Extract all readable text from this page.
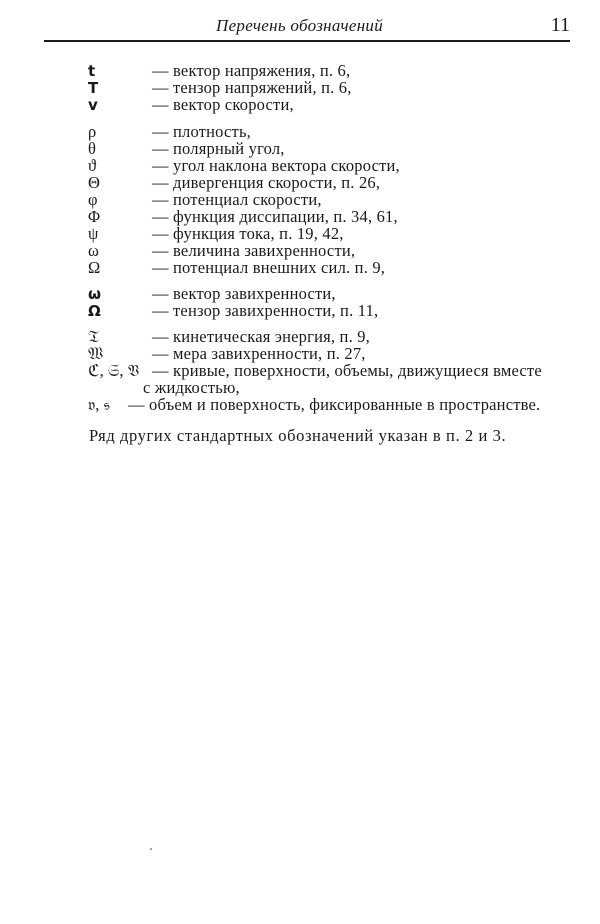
Перечень обозначений	11
t	— вектор напряжения, п. 6,
T	— тензор напряжений, п. 6,
v	— вектор скорости,
ρ	— плотность,
θ	— полярный угол,
ϑ	— угол наклона вектора скорости,
Θ	— дивергенция скорости, п. 26,
φ	— потенциал скорости,
Φ	— функция диссипации, п. 34, 61,
ψ	— функция тока, п. 19, 42,
ω	— величина завихренности,
Ω	— потенциал внешних сил. п. 9,
ω	— вектор завихренности,
Ω	— тензор завихренности, п. 11,
𝔗	— кинетическая энергия, п. 9,
𝔚	— мера завихренности, п. 27,
ℭ, 𝔖, 𝔙 — кривые, поверхности, объемы, движущиеся вместе
с жидкостью,
𝔳, 𝔰	— объем и поверхность, фиксированные в пространстве.
Ряд других стандартных обозначений указан в п. 2 и 3.
